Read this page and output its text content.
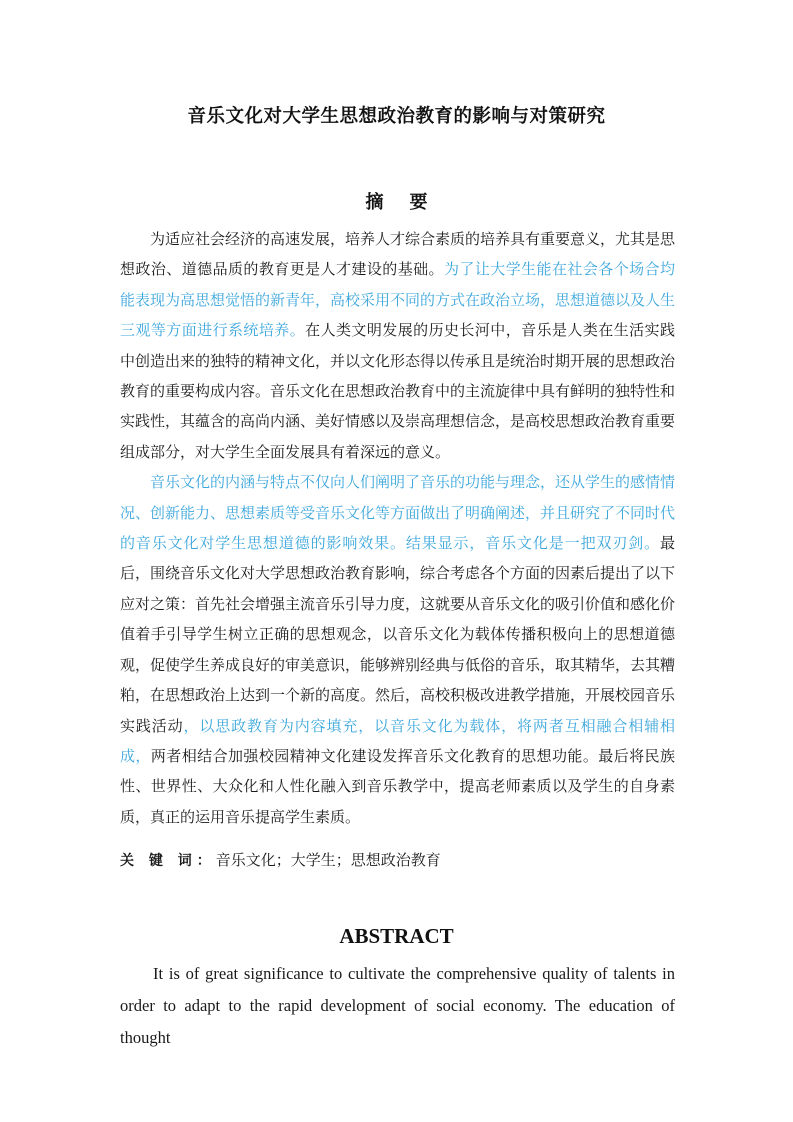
音乐文化对大学生思想政治教育的影响与对策研究
摘 要

为适应社会经济的高速发展，培养人才综合素质的培养具有重要意义，尤其是思想政治、道德品质的教育更是人才建设的基础。为了让大学生能在社会各个场合均能表现为高思想觉悟的新青年，高校采用不同的方式在政治立场，思想道德以及人生三观等方面进行系统培养。在人类文明发展的历史长河中，音乐是人类在生活实践中创造出来的独特的精神文化，并以文化形态得以传承且是统治时期开展的思想政治教育的重要构成内容。音乐文化在思想政治教育中的主流旋律中具有鲜明的独特性和实践性，其蕴含的高尚内涵、美好情感以及崇高理想信念，是高校思想政治教育重要组成部分，对大学生全面发展具有着深远的意义。

音乐文化的内涵与特点不仅向人们阐明了音乐的功能与理念，还从学生的感情情况、创新能力、思想素质等受音乐文化等方面做出了明确阐述，并且研究了不同时代的音乐文化对学生思想道德的影响效果。结果显示，音乐文化是一把双刃剑。最后，围绕音乐文化对大学思想政治教育影响，综合考虑各个方面的因素后提出了以下应对之策：首先社会增强主流音乐引导力度，这就要从音乐文化的吸引价值和感化价值着手引导学生树立正确的思想观念，以音乐文化为载体传播积极向上的思想道德观，促使学生养成良好的审美意识，能够辨别经典与低俗的音乐，取其精华，去其糟粕，在思想政治上达到一个新的高度。然后，高校积极改进教学措施，开展校园音乐实践活动，以思政教育为内容填充，以音乐文化为载体，将两者互相融合相辅相成，两者相结合加强校园精神文化建设发挥音乐文化教育的思想功能。最后将民族性、世界性、大众化和人性化融入到音乐教学中，提高老师素质以及学生的自身素质，真正的运用音乐提高学生素质。

关 键 词：音乐文化；大学生；思想政治教育
ABSTRACT

It is of great significance to cultivate the comprehensive quality of talents in order to adapt to the rapid development of social economy. The education of thought
